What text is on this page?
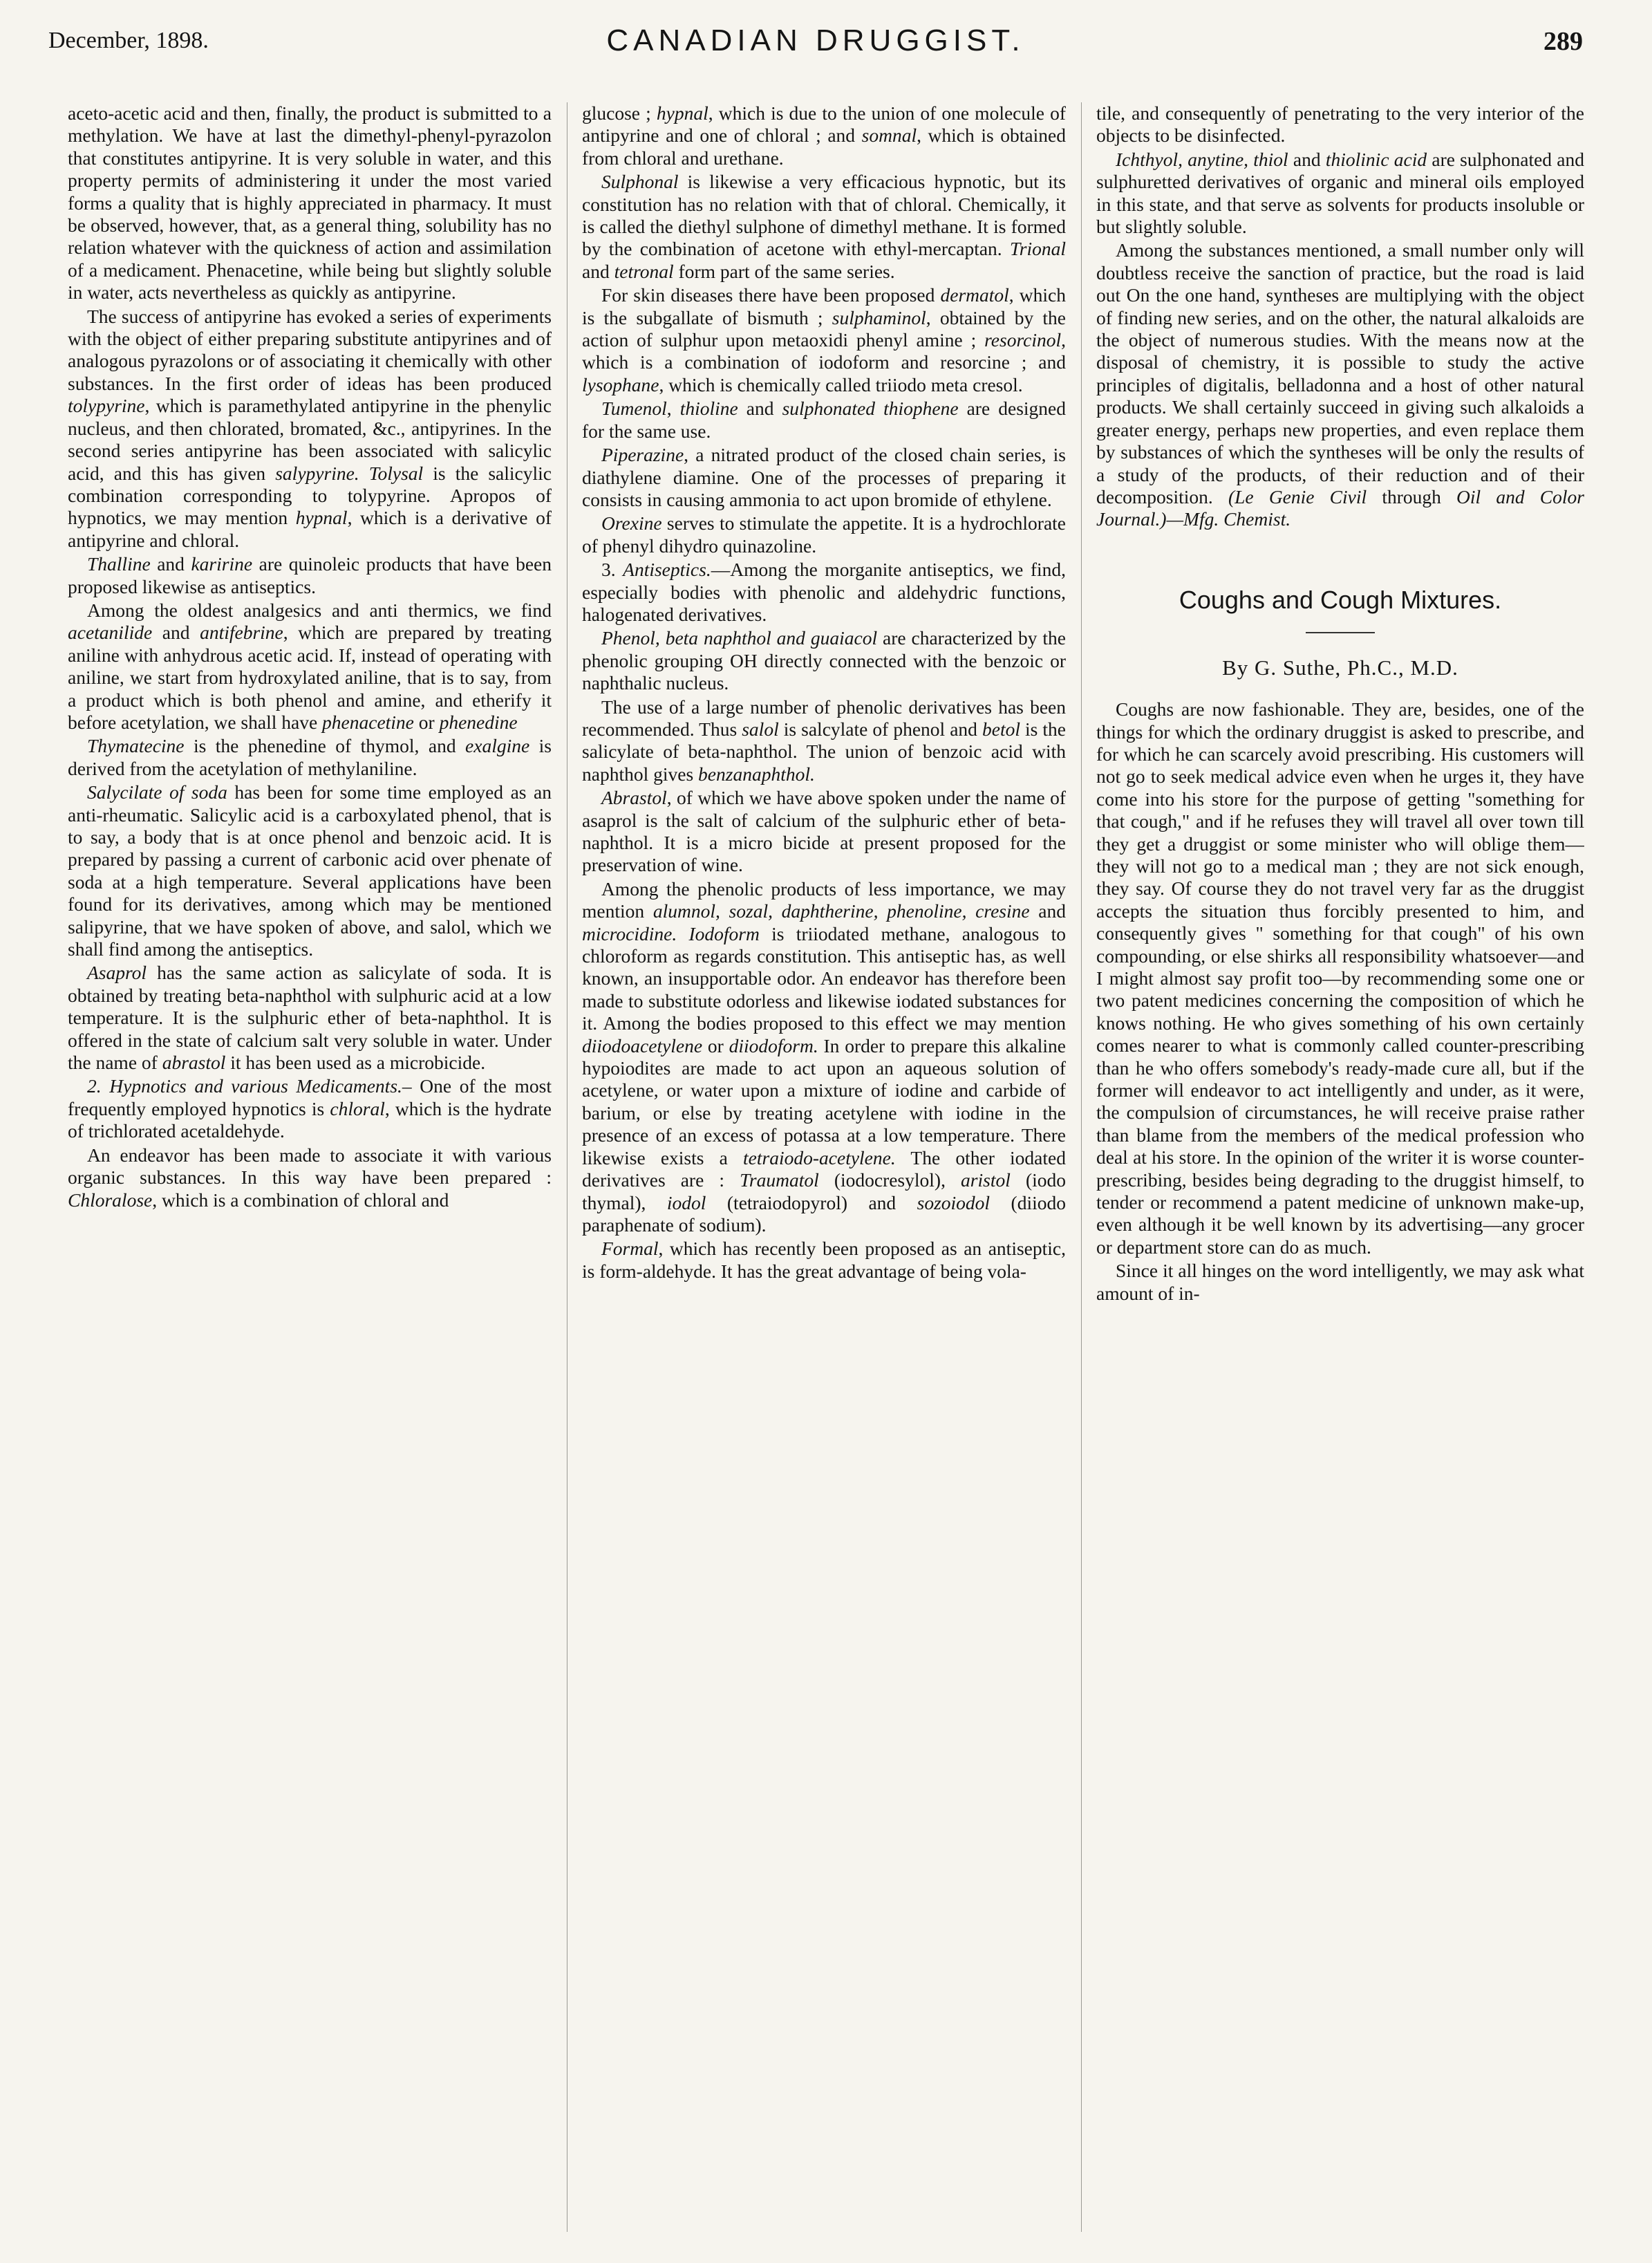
December, 1898.	CANADIAN DRUGGIST.	289

aceto-acetic acid and then, finally, the product is submitted to a methylation. We have at last the dimethyl-phenyl-pyrazolon that constitutes antipyrine. It is very soluble in water, and this property permits of administering it under the most varied forms a quality that is highly appreciated in pharmacy. It must be observed, however, that, as a general thing, solubility has no relation whatever with the quickness of action and assimilation of a medicament. Phenacetine, while being but slightly soluble in water, acts nevertheless as quickly as antipyrine.

The success of antipyrine has evoked a series of experiments with the object of either preparing substitute antipyrines and of analogous pyrazolons or of associating it chemically with other substances. In the first order of ideas has been produced tolypyrine, which is paramethylated antipyrine in the phenylic nucleus, and then chlorated, bromated, &c., antipyrines. In the second series antipyrine has been associated with salicylic acid, and this has given salypyrine. Tolysal is the salicylic combination corresponding to tolypyrine. Apropos of hypnotics, we may mention hypnal, which is a derivative of antipyrine and chloral.

Thalline and karirine are quinoleic products that have been proposed likewise as antiseptics.

Among the oldest analgesics and anti thermics, we find acetanilide and antifebrine, which are prepared by treating aniline with anhydrous acetic acid. If, instead of operating with aniline, we start from hydroxylated aniline, that is to say, from a product which is both phenol and amine, and etherify it before acetylation, we shall have phenacetine or phenedine

Thymatecine is the phenedine of thymol, and exalgine is derived from the acetylation of methylaniline.

Salycilate of soda has been for some time employed as an anti-rheumatic. Salicylic acid is a carboxylated phenol, that is to say, a body that is at once phenol and benzoic acid. It is prepared by passing a current of carbonic acid over phenate of soda at a high temperature. Several applications have been found for its derivatives, among which may be mentioned salipyrine, that we have spoken of above, and salol, which we shall find among the antiseptics.

Asaprol has the same action as salicylate of soda. It is obtained by treating beta-naphthol with sulphuric acid at a low temperature. It is the sulphuric ether of beta-naphthol. It is offered in the state of calcium salt very soluble in water. Under the name of abrastol it has been used as a microbicide.

2. Hypnotics and various Medicaments.– One of the most frequently employed hypnotics is chloral, which is the hydrate of trichlorated acetaldehyde.

An endeavor has been made to associate it with various organic substances. In this way have been prepared : Chloralose, which is a combination of chloral and

glucose ; hypnal, which is due to the union of one molecule of antipyrine and one of chloral ; and somnal, which is obtained from chloral and urethane.

Sulphonal is likewise a very efficacious hypnotic, but its constitution has no relation with that of chloral. Chemically, it is called the diethyl sulphone of dimethyl methane. It is formed by the combination of acetone with ethyl-mercaptan. Trional and tetronal form part of the same series.

For skin diseases there have been proposed dermatol, which is the subgallate of bismuth ; sulphaminol, obtained by the action of sulphur upon metaoxidi phenyl amine ; resorcinol, which is a combination of iodoform and resorcine ; and lysophane, which is chemically called triiodo meta cresol.

Tumenol, thioline and sulphonated thiophene are designed for the same use.

Piperazine, a nitrated product of the closed chain series, is diathylene diamine. One of the processes of preparing it consists in causing ammonia to act upon bromide of ethylene.

Orexine serves to stimulate the appetite. It is a hydrochlorate of phenyl dihydro quinazoline.

3. Antiseptics.—Among the morganite antiseptics, we find, especially bodies with phenolic and aldehydric functions, halogenated derivatives.

Phenol, beta naphthol and guaiacol are characterized by the phenolic grouping OH directly connected with the benzoic or naphthalic nucleus.

The use of a large number of phenolic derivatives has been recommended. Thus salol is salcylate of phenol and betol is the salicylate of beta-naphthol. The union of benzoic acid with naphthol gives benzanaphthol.

Abrastol, of which we have above spoken under the name of asaprol is the salt of calcium of the sulphuric ether of beta-naphthol. It is a micro bicide at present proposed for the preservation of wine.

Among the phenolic products of less importance, we may mention alumnol, sozal, daphtherine, phenoline, cresine and microcidine. Iodoform is triiodated methane, analogous to chloroform as regards constitution. This antiseptic has, as well known, an insupportable odor. An endeavor has therefore been made to substitute odorless and likewise iodated substances for it. Among the bodies proposed to this effect we may mention diiodoacetylene or diiodoform. In order to prepare this alkaline hypoiodites are made to act upon an aqueous solution of acetylene, or water upon a mixture of iodine and carbide of barium, or else by treating acetylene with iodine in the presence of an excess of potassa at a low temperature. There likewise exists a tetraiodo-acetylene. The other iodated derivatives are : Traumatol (iodocresylol), aristol (iodo thymal), iodol (tetraiodopyrol) and sozoiodol (diiodo paraphenate of sodium).

Formal, which has recently been proposed as an antiseptic, is form-aldehyde. It has the great advantage of being vola-

tile, and consequently of penetrating to the very interior of the objects to be disinfected.

Ichthyol, anytine, thiol and thiolinic acid are sulphonated and sulphuretted derivatives of organic and mineral oils employed in this state, and that serve as solvents for products insoluble or but slightly soluble.

Among the substances mentioned, a small number only will doubtless receive the sanction of practice, but the road is laid out On the one hand, syntheses are multiplying with the object of finding new series, and on the other, the natural alkaloids are the object of numerous studies. With the means now at the disposal of chemistry, it is possible to study the active principles of digitalis, belladonna and a host of other natural products. We shall certainly succeed in giving such alkaloids a greater energy, perhaps new properties, and even replace them by substances of which the syntheses will be only the results of a study of the products, of their reduction and of their decomposition. (Le Genie Civil through Oil and Color Journal.)—Mfg. Chemist.

Coughs and Cough Mixtures.
By G. Suthe, Ph.C., M.D.

Coughs are now fashionable. They are, besides, one of the things for which the ordinary druggist is asked to prescribe, and for which he can scarcely avoid prescribing. His customers will not go to seek medical advice even when he urges it, they have come into his store for the purpose of getting "something for that cough," and if he refuses they will travel all over town till they get a druggist or some minister who will oblige them—they will not go to a medical man ; they are not sick enough, they say. Of course they do not travel very far as the druggist accepts the situation thus forcibly presented to him, and consequently gives " something for that cough" of his own compounding, or else shirks all responsibility whatsoever—and I might almost say profit too—by recommending some one or two patent medicines concerning the composition of which he knows nothing. He who gives something of his own certainly comes nearer to what is commonly called counter-prescribing than he who offers somebody's ready-made cure all, but if the former will endeavor to act intelligently and under, as it were, the compulsion of circumstances, he will receive praise rather than blame from the members of the medical profession who deal at his store. In the opinion of the writer it is worse counter-prescribing, besides being degrading to the druggist himself, to tender or recommend a patent medicine of unknown make-up, even although it be well known by its advertising—any grocer or department store can do as much.

Since it all hinges on the word intelligently, we may ask what amount of in-
